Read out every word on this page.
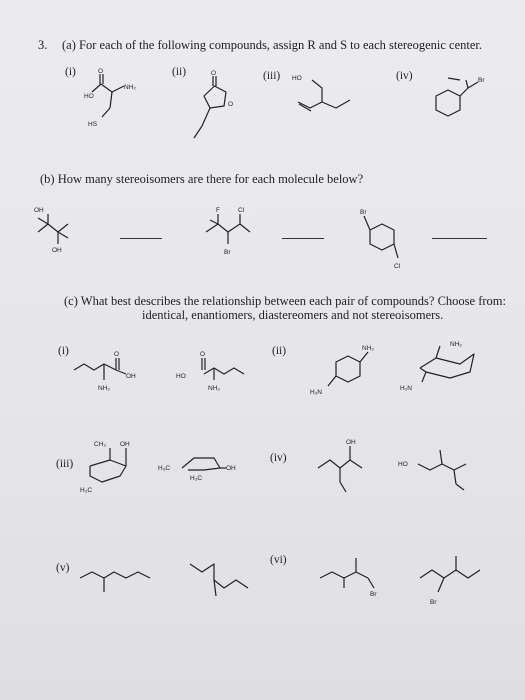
3. (a) For each of the following compounds, assign R and S to each stereogenic center.
(i)	(ii)	(iii)	(iv)
O
HO
NH₂
HS
O
O
HO	Br
(b) How many stereoisomers are there for each molecule below?
OH
OH
F	Cl
Br
Br
Cl
(c) What best describes the relationship between each pair of compounds? Choose from:
identical, enantiomers, diastereomers and not stereoisomers.
(i)	(ii)
O
OH
NH₂
O
HO
NH₂
NH₂
H₂N
NH₂
H₂N
(iii)
CH₃ OH
H₃C
H₃C	OH
H₃C
(iv)
OH
HO
(v)
(vi)
Br
Br
